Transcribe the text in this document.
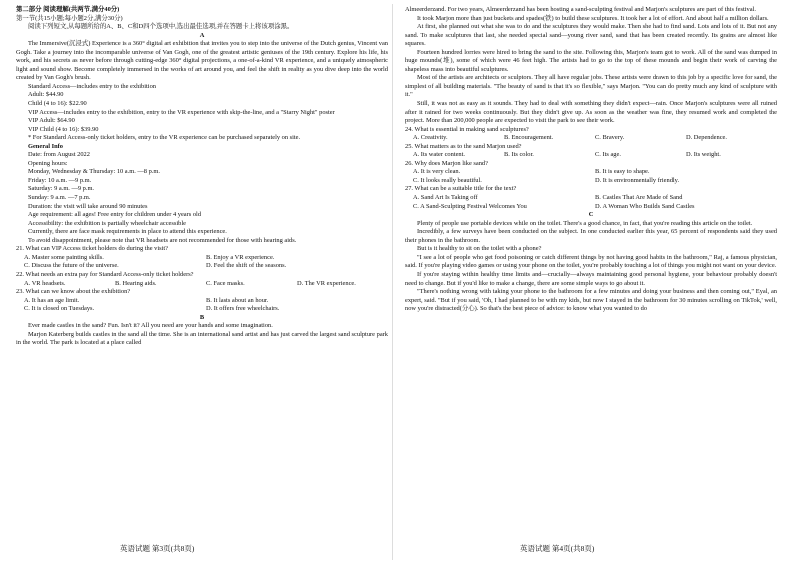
第二部分 阅读理解(共两节,满分40分)

第一节(共15小题;每小题2分,满分30分)

阅读下列短文,从每题所给的A、B、C和D四个选项中,选出最佳选项,并在答题卡上将该项涂黑。

A

The Immersive(沉浸式) Experience is a 360° digital art exhibition that invites you to step into the universe of the Dutch genius, Vincent van Gogh. Take a journey into the incomparable universe of Van Gogh, one of the greatest artistic geniuses of the 19th century. Explore his life, his work, and his secrets as never before through cutting-edge 360° digital projections, a one-of-a-kind VR experience, and a uniquely atmospheric light and sound show. Become completely immersed in the works of art around you, and feel the shift in reality as you dive deep into the world created by Van Gogh's brush.

Standard Access—includes entry to the exhibition

Adult: $44.90

Child (4 to 16): $22.90

VIP Access—includes entry to the exhibition, entry to the VR experience with skip-the-line, and a "Starry Night" poster

VIP Adult: $64.90

VIP Child (4 to 16): $39.90

* For Standard Access-only ticket holders, entry to the VR experience can be purchased separately on site.

General Info

Date: from August 2022

Opening hours:

Monday, Wednesday & Thursday: 10 a.m. —8 p.m.

Friday: 10 a.m. —9 p.m.

Saturday: 9 a.m. —9 p.m.

Sunday: 9 a.m. —7 p.m.

Duration: the visit will take around 90 minutes

Age requirement: all ages! Free entry for children under 4 years old

Accessibility: the exhibition is partially wheelchair accessible

Currently, there are face mask requirements in place to attend this experience.

To avoid disappointment, please note that VR headsets are not recommended for those with hearing aids.

21. What can VIP Access ticket holders do during the visit?

A. Master some painting skills.	B. Enjoy a VR experience.
C. Discuss the future of the universe.	D. Feel the shift of the seasons.

22. What needs an extra pay for Standard Access-only ticket holders?

A. VR headsets.	B. Hearing aids.	C. Face masks.	D. The VR experience.

23. What can we know about the exhibition?

A. It has an age limit.	B. It lasts about an hour.
C. It is closed on Tuesdays.	D. It offers free wheelchairs.
B

Ever made castles in the sand? Fun. Isn't it? All you need are your hands and some imagination.

Marjon Katerberg builds castles in the sand all the time. She is an international sand artist and has just carved the largest sand sculpture park in the world. The park is located at a place called

Almeerderzand. For two years, Almeerderzand has been hosting a sand-sculpting festival and Marjon's sculptures are part of this festival.

It took Marjon more than just buckets and spades(铁) to build these sculptures. It took her a lot of effort. And about half a million dollars.

At first, she planned out what she was to do and the sculptures they would make. Then she had to find sand. Lots and lots of it. But not any sand. To make sculptures that last, she needed special sand—young river sand, sand that has been created recently. Its grains are almost like squares.

Fourteen hundred lorries were hired to bring the sand to the site. Following this, Marjon's team got to work. All of the sand was dumped in huge mounds(堆), some of which were 46 feet high. The artists had to go to the top of these mounds and begin their work of carving the shapeless mass into beautiful sculptures.

Most of the artists are architects or sculptors. They all have regular jobs. These artists were drawn to this job by a specific love for sand, the simplest of all building materials. "The beauty of sand is that it's so flexible," says Marjon. "You can do pretty much any kind of sculpture with it."

Still, it was not as easy as it sounds. They had to deal with something they didn't expect—rain. Once Marjon's sculptures were all ruined after it rained for two weeks continuously. But they didn't give up. As soon as the weather was fine, they resumed work and completed the project. More than 200,000 people are expected to visit the park to see their work.

24. What is essential in making sand sculptures?

A. Creativity.	B. Encouragement.	C. Bravery.	D. Dependence.

25. What matters as to the sand Marjon used?

A. Its water content.	B. Its color.	C. Its age.	D. Its weight.

26. Why does Marjon like sand?

A. It is very clean.	B. It is easy to shape.
C. It looks really beautiful.	D. It is environmentally friendly.

27. What can be a suitable title for the text?

A. Sand Art Is Taking off	B. Castles That Are Made of Sand
C. A Sand-Sculpting Festival Welcomes You	D. A Woman Who Builds Sand Castles
C

Plenty of people use portable devices while on the toilet. There's a good chance, in fact, that you're reading this article on the toilet.

Incredibly, a few surveys have been conducted on the subject. In one conducted earlier this year, 65 percent of respondents said they used their phones in the bathroom.

But is it healthy to sit on the toilet with a phone?

"I see a lot of people who get food poisoning or catch different things by not having good habits in the bathroom," Raj, a famous physician, said. If you're playing video games or using your phone on the toilet, you're probably touching a lot of things you might not want on your device.

If you're staying within healthy time limits and—crucially—always maintaining good personal hygiene, your behaviour probably doesn't need to change. But if you'd like to make a change, there are some simple ways to go about it.

"There's nothing wrong with taking your phone to the bathroom for a few minutes and doing your business and then coming out," Eyal, an expert, said. "But if you said, 'Oh, I had planned to be with my kids, but now I stayed in the bathroom for 30 minutes scrolling on TikTok,' well, now you're distracted(分心). So that's the best piece of advice: to know what you wanted to do

英语试题 第3页(共8页)	英语试题 第4页(共8页)
